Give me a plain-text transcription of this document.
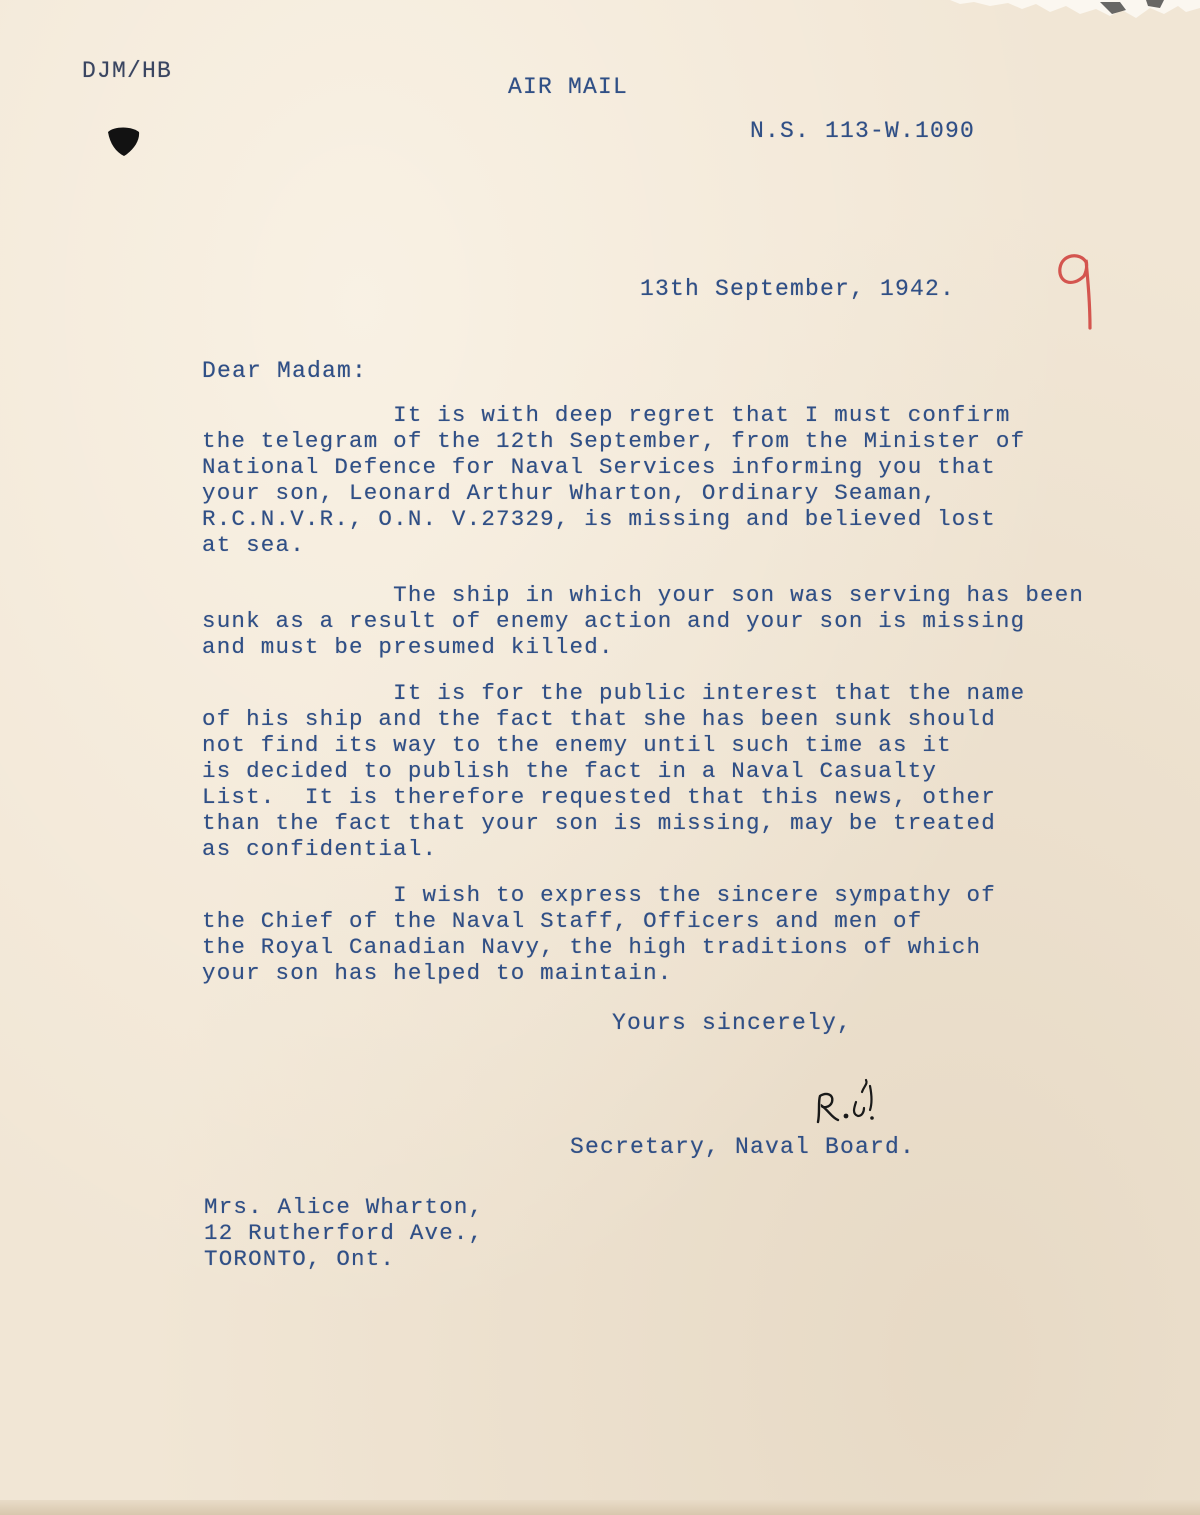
DJM/HB
AIR MAIL
N.S. 113-W.1090
13th September, 1942.
Dear Madam:
It is with deep regret that I must confirm
the telegram of the 12th September, from the Minister of
National Defence for Naval Services informing you that
your son, Leonard Arthur Wharton, Ordinary Seaman,
R.C.N.V.R., O.N. V.27329, is missing and believed lost
at sea.
The ship in which your son was serving has been
sunk as a result of enemy action and your son is missing
and must be presumed killed.
It is for the public interest that the name
of his ship and the fact that she has been sunk should
not find its way to the enemy until such time as it
is decided to publish the fact in a Naval Casualty
List.  It is therefore requested that this news, other
than the fact that your son is missing, may be treated
as confidential.
I wish to express the sincere sympathy of
the Chief of the Naval Staff, Officers and men of
the Royal Canadian Navy, the high traditions of which
your son has helped to maintain.
Yours sincerely,
Secretary, Naval Board.
Mrs. Alice Wharton,
12 Rutherford Ave.,
TORONTO, Ont.
